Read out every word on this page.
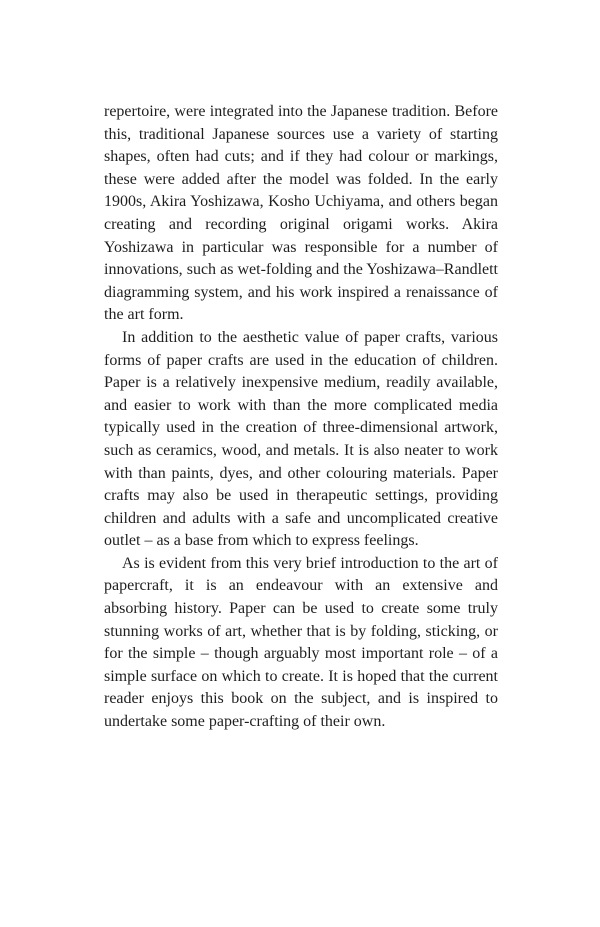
repertoire, were integrated into the Japanese tradition. Before this, traditional Japanese sources use a variety of starting shapes, often had cuts; and if they had colour or markings, these were added after the model was folded. In the early 1900s, Akira Yoshizawa, Kosho Uchiyama, and others began creating and recording original origami works. Akira Yoshizawa in particular was responsible for a number of innovations, such as wet-folding and the Yoshizawa–Randlett diagramming system, and his work inspired a renaissance of the art form.

In addition to the aesthetic value of paper crafts, various forms of paper crafts are used in the education of children. Paper is a relatively inexpensive medium, readily available, and easier to work with than the more complicated media typically used in the creation of three-dimensional artwork, such as ceramics, wood, and metals. It is also neater to work with than paints, dyes, and other colouring materials. Paper crafts may also be used in therapeutic settings, providing children and adults with a safe and uncomplicated creative outlet – as a base from which to express feelings.

As is evident from this very brief introduction to the art of papercraft, it is an endeavour with an extensive and absorbing history. Paper can be used to create some truly stunning works of art, whether that is by folding, sticking, or for the simple – though arguably most important role – of a simple surface on which to create. It is hoped that the current reader enjoys this book on the subject, and is inspired to undertake some paper-crafting of their own.
